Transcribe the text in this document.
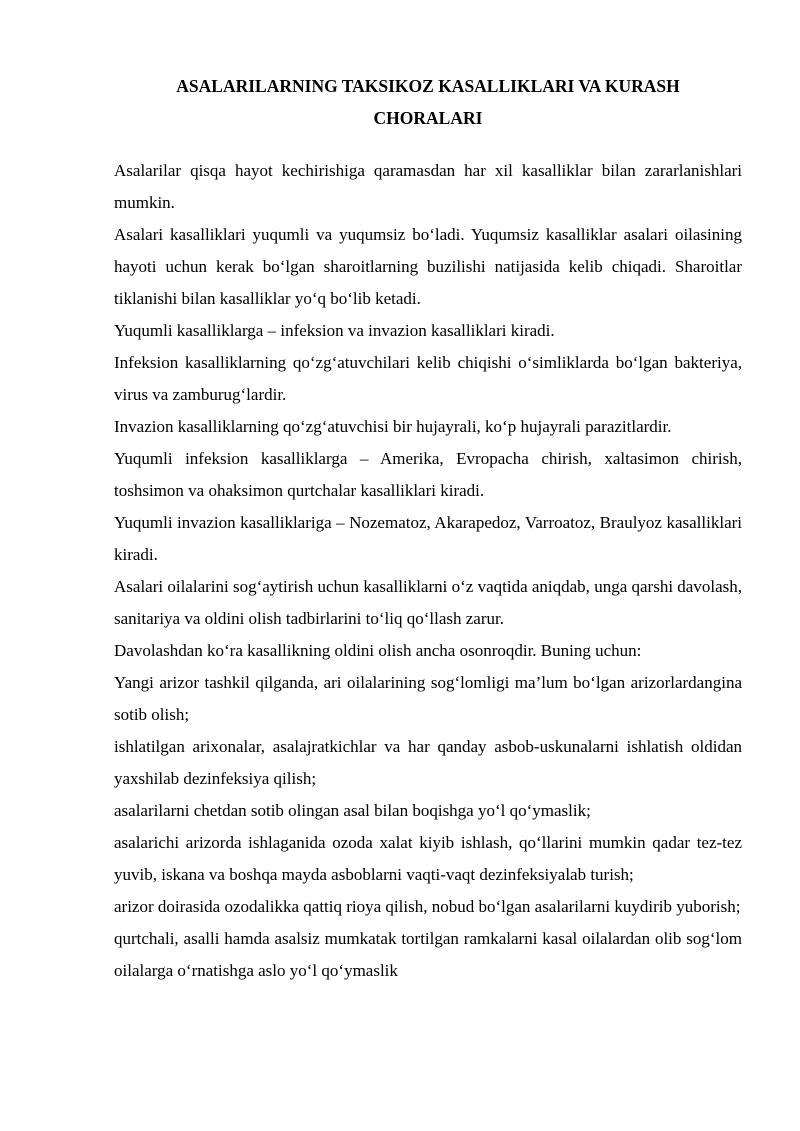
ASALARILARNING TAKSIKOZ KASALLIKLARI VA KURASH
CHORALARI

Asalarilar qisqa hayot kechirishiga qaramasdan har xil kasalliklar bilan zararlanishlari mumkin.

Asalari kasalliklari yuqumli va yuqumsiz bo‘ladi. Yuqumsiz kasalliklar asalari oilasining hayoti uchun kerak bo‘lgan sharoitlarning buzilishi natijasida kelib chiqadi. Sharoitlar tiklanishi bilan kasalliklar yo‘q bo‘lib ketadi.

Yuqumli kasalliklarga – infeksion va invazion kasalliklari kiradi.

Infeksion kasalliklarning qo‘zg‘atuvchilari kelib chiqishi o‘simliklarda bo‘lgan bakteriya, virus va zamburug‘lardir.

Invazion kasalliklarning qo‘zg‘atuvchisi bir hujayrali, ko‘p hujayrali parazitlardir.

Yuqumli infeksion kasalliklarga – Amerika, Evropacha chirish, xaltasimon chirish, toshsimon va ohaksimon qurtchalar kasalliklari kiradi.

Yuqumli invazion kasalliklariga – Nozematoz, Akarapedoz, Varroatoz, Braulyoz kasalliklari kiradi.

Asalari oilalarini sog‘aytirish uchun kasalliklarni o‘z vaqtida aniqdab, unga qarshi davolash, sanitariya va oldini olish tadbirlarini to‘liq qo‘llash zarur.

Davolashdan ko‘ra kasallikning oldini olish ancha osonroqdir. Buning uchun:

Yangi arizor tashkil qilganda, ari oilalarining sog‘lomligi ma’lum bo‘lgan arizorlardangina sotib olish;

ishlatilgan arixonalar, asalajratkichlar va har qanday asbob-uskunalarni ishlatish oldidan yaxshilab dezinfeksiya qilish;

asalarilarni chetdan sotib olingan asal bilan boqishga yo‘l qo‘ymaslik;

asalarichi arizorda ishlaganida ozoda xalat kiyib ishlash, qo‘llarini mumkin qadar tez-tez yuvib, iskana va boshqa mayda asboblarni vaqti-vaqt dezinfeksiyalab turish;

arizor doirasida ozodalikka qattiq rioya qilish, nobud bo‘lgan asalarilarni kuydirib yuborish;

qurtchali, asalli hamda asalsiz mumkatak tortilgan ramkalarni kasal oilalardan olib sog‘lom oilalarga o‘rnatishga aslo yo‘l qo‘ymaslik
